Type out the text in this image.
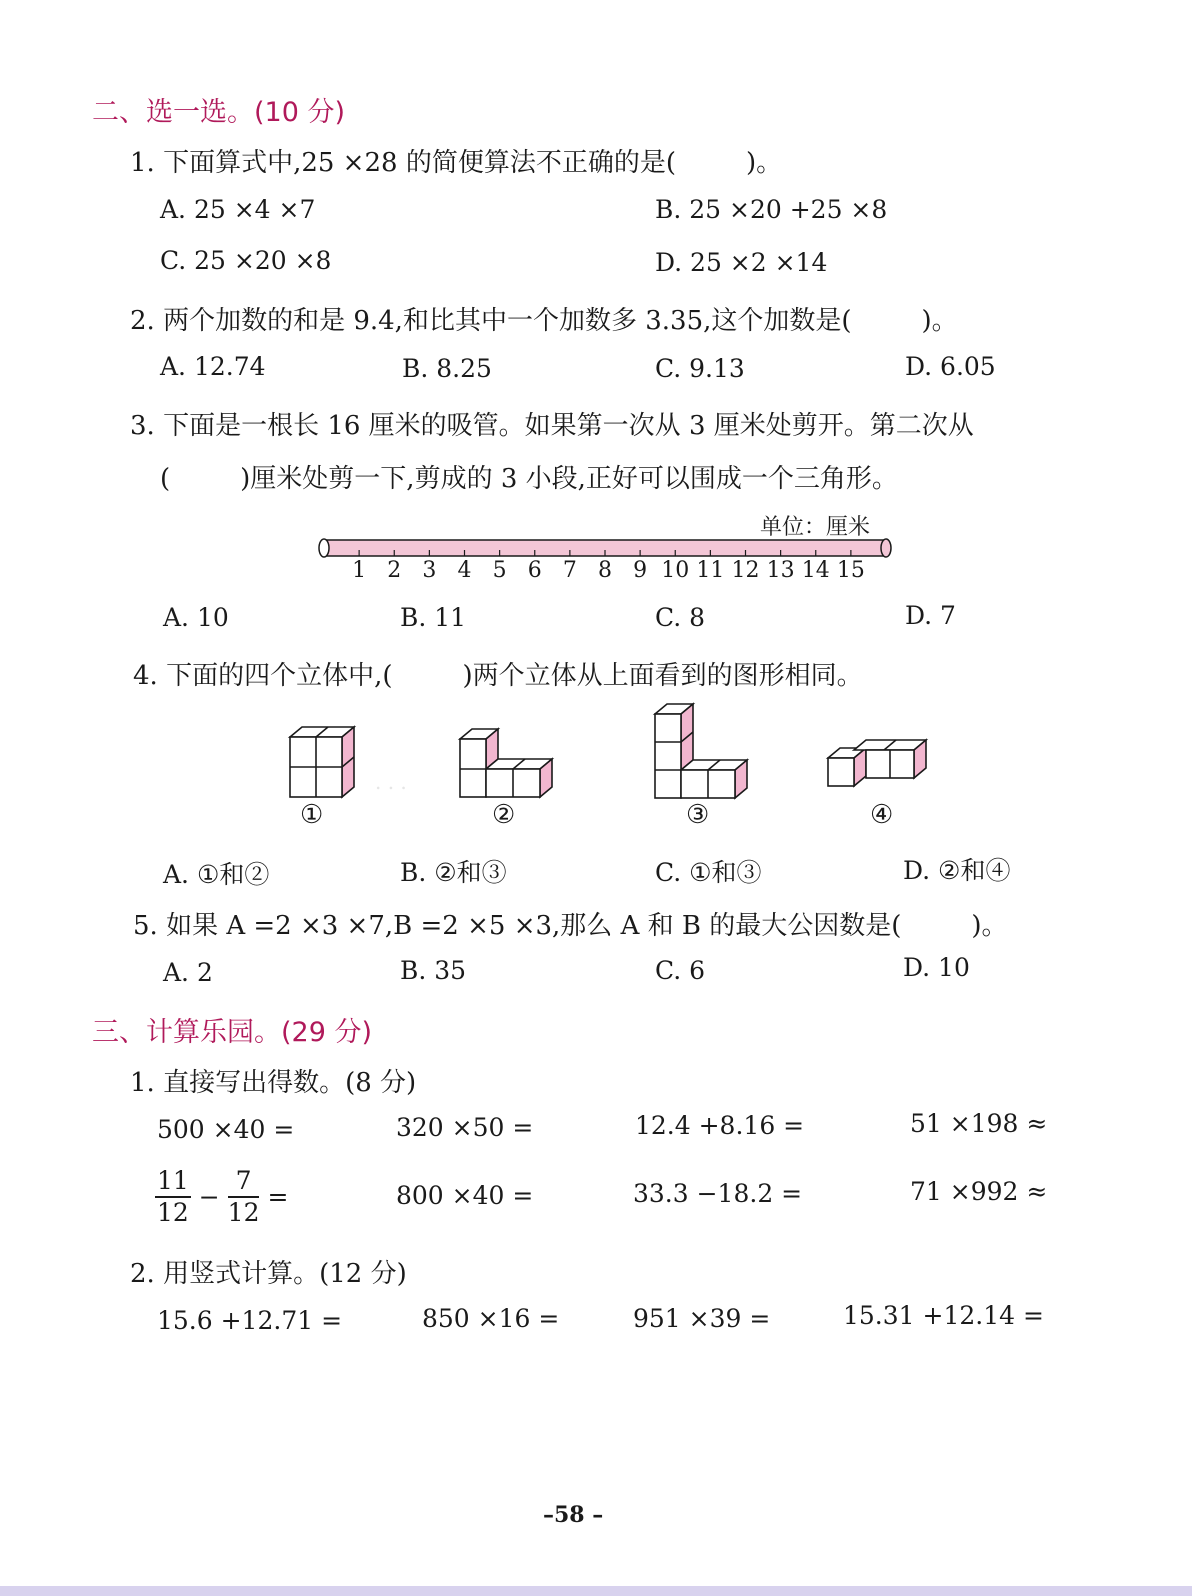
二、选一选。(10 分)
1. 下面算式中,25 ×28 的简便算法不正确的是(	)。
A. 25 ×4 ×7	B. 25 ×20 +25 ×8
C. 25 ×20 ×8	D. 25 ×2 ×14
2. 两个加数的和是 9.4,和比其中一个加数多 3.35,这个加数是(	)。
A. 12.74	B. 8.25	C. 9.13	D. 6.05
3. 下面是一根长 16 厘米的吸管。如果第一次从 3 厘米处剪开。第二次从
(	)厘米处剪一下,剪成的 3 小段,正好可以围成一个三角形。
单位：厘米
1 2 3 4 5 6 7 8 9 10 11 12 13 14 15
A. 10	B. 11	C. 8	D. 7
4. 下面的四个立体中,(	)两个立体从上面看到的图形相同。
. . .
①	②	③	④
A. ①和②	B. ②和③	C. ①和③	D. ②和④
5. 如果 A =2 ×3 ×7,B =2 ×5 ×3,那么 A 和 B 的最大公因数是(	)。
A. 2	B. 35	C. 6	D. 10
三、计算乐园。(29 分)
1. 直接写出得数。(8 分)
500 ×40 =	320 ×50 =	12.4 +8.16 =	51 ×198 ≈
$\frac{11}{12} - \frac{7}{12}$ =	800 ×40 =	33.3 −18.2 =	71 ×992 ≈
2. 用竖式计算。(12 分)
15.6 +12.71 =	850 ×16 =	951 ×39 =	15.31 +12.14 =
–58 –
